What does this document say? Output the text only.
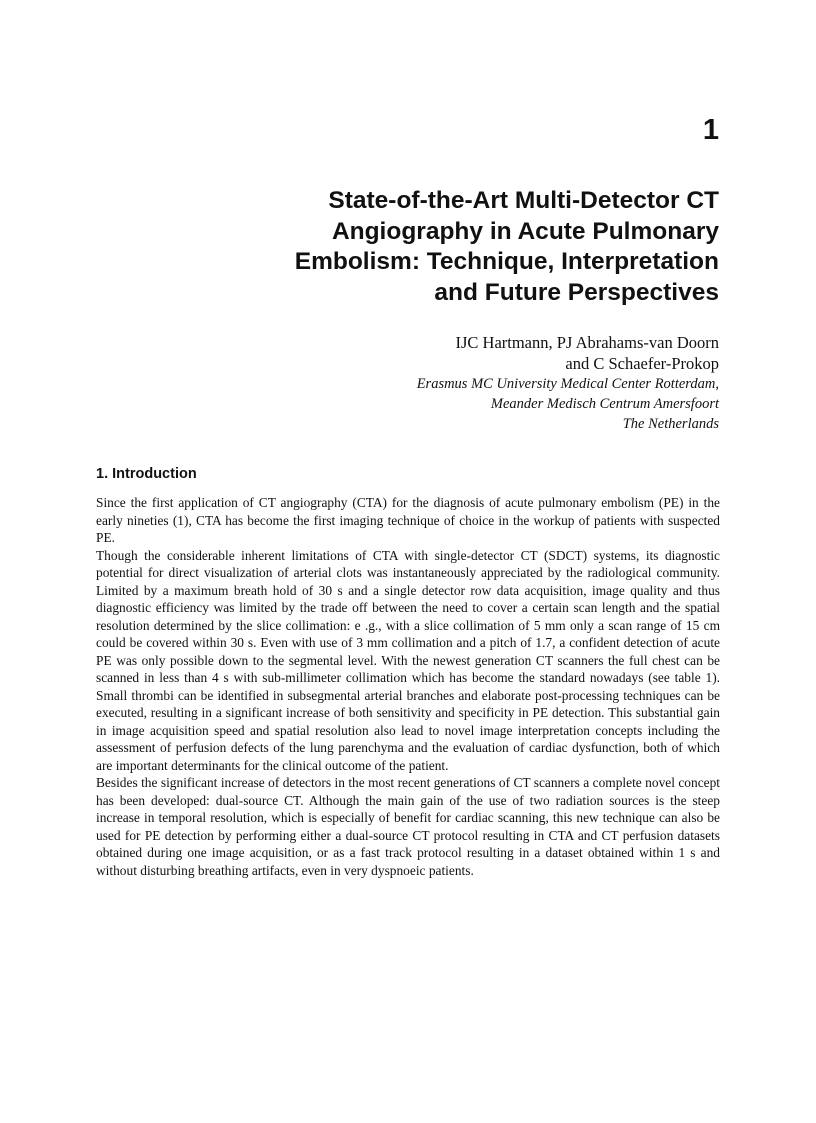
1
State-of-the-Art Multi-Detector CT
Angiography in Acute Pulmonary
Embolism: Technique, Interpretation
and Future Perspectives
IJC Hartmann, PJ Abrahams-van Doorn
and C Schaefer-Prokop
Erasmus MC University Medical Center Rotterdam,
Meander Medisch Centrum Amersfoort
The Netherlands
1. Introduction

Since the first application of CT angiography (CTA) for the diagnosis of acute pulmonary embolism (PE) in the early nineties (1), CTA has become the first imaging technique of choice in the workup of patients with suspected PE.

Though the considerable inherent limitations of CTA with single-detector CT (SDCT) systems, its diagnostic potential for direct visualization of arterial clots was instantaneously appreciated by the radiological community. Limited by a maximum breath hold of 30 s and a single detector row data acquisition, image quality and thus diagnostic efficiency was limited by the trade off between the need to cover a certain scan length and the spatial resolution determined by the slice collimation: e .g., with a slice collimation of 5 mm only a scan range of 15 cm could be covered within 30 s. Even with use of 3 mm collimation and a pitch of 1.7, a confident detection of acute PE was only possible down to the segmental level. With the newest generation CT scanners the full chest can be scanned in less than 4 s with sub-millimeter collimation which has become the standard nowadays (see table 1). Small thrombi can be identified in subsegmental arterial branches and elaborate post-processing techniques can be executed, resulting in a significant increase of both sensitivity and specificity in PE detection. This substantial gain in image acquisition speed and spatial resolution also lead to novel image interpretation concepts including the assessment of perfusion defects of the lung parenchyma and the evaluation of cardiac dysfunction, both of which are important determinants for the clinical outcome of the patient.

Besides the significant increase of detectors in the most recent generations of CT scanners a complete novel concept has been developed: dual-source CT. Although the main gain of the use of two radiation sources is the steep increase in temporal resolution, which is especially of benefit for cardiac scanning, this new technique can also be used for PE detection by performing either a dual-source CT protocol resulting in CTA and CT perfusion datasets obtained during one image acquisition, or as a fast track protocol resulting in a dataset obtained within 1 s and without disturbing breathing artifacts, even in very dyspnoeic patients.
